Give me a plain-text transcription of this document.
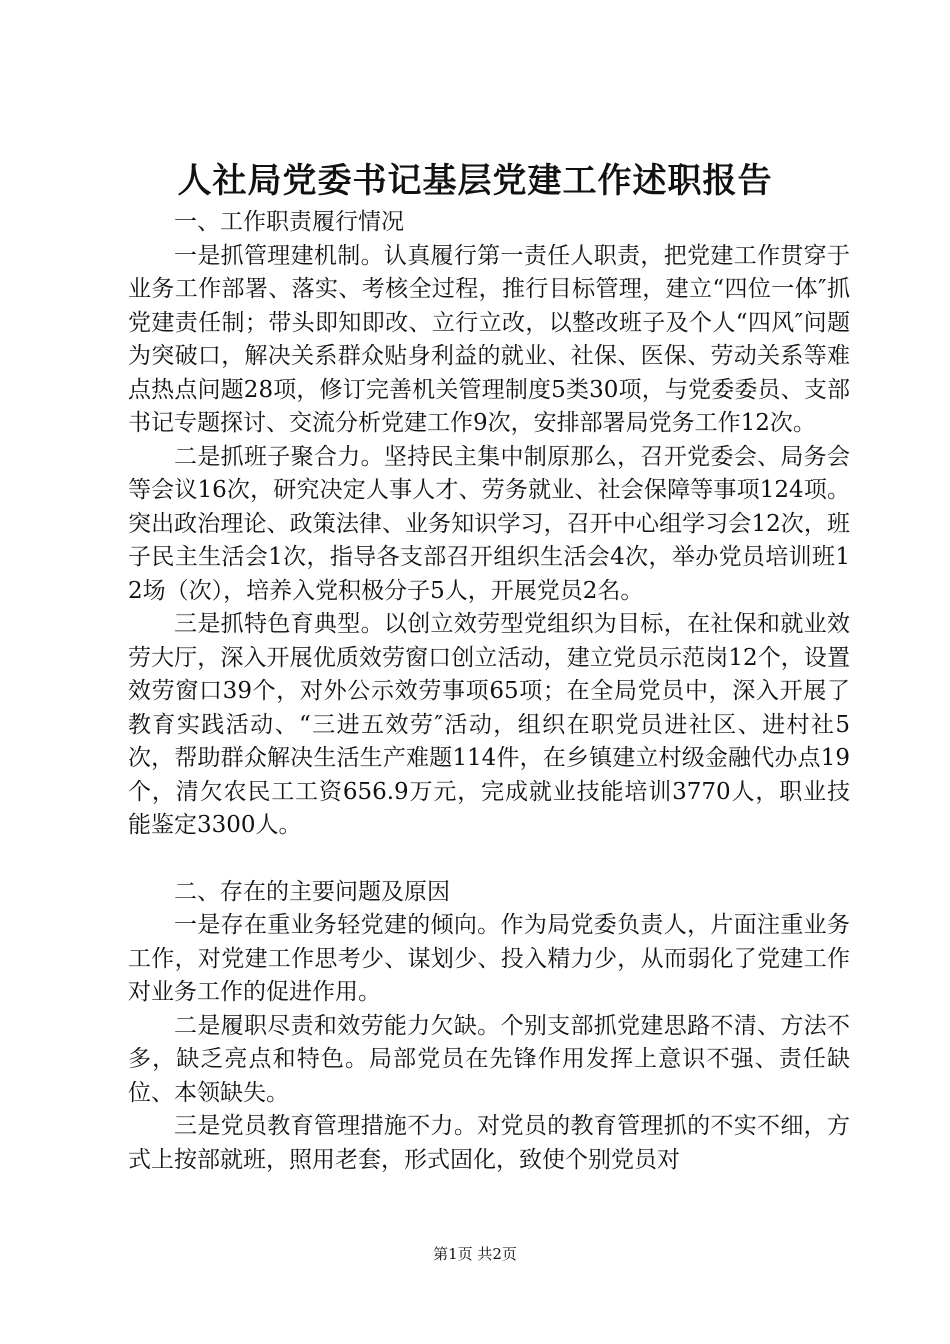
人社局党委书记基层党建工作述职报告

一、工作职责履行情况

一是抓管理建机制。认真履行第一责任人职责，把党建工作贯穿于业务工作部署、落实、考核全过程，推行目标管理，建立“四位一体″抓党建责任制；带头即知即改、立行立改，以整改班子及个人“四风″问题为突破口，解决关系群众贴身利益的就业、社保、医保、劳动关系等难点热点问题28项，修订完善机关管理制度5类30项，与党委委员、支部书记专题探讨、交流分析党建工作9次，安排部署局党务工作12次。

二是抓班子聚合力。坚持民主集中制原那么，召开党委会、局务会等会议16次，研究决定人事人才、劳务就业、社会保障等事项124项。突出政治理论、政策法律、业务知识学习，召开中心组学习会12次，班子民主生活会1次，指导各支部召开组织生活会4次，举办党员培训班12场（次），培养入党积极分子5人，开展党员2名。

三是抓特色育典型。以创立效劳型党组织为目标，在社保和就业效劳大厅，深入开展优质效劳窗口创立活动，建立党员示范岗12个，设置效劳窗口39个，对外公示效劳事项65项；在全局党员中，深入开展了教育实践活动、“三进五效劳″活动，组织在职党员进社区、进村社5次，帮助群众解决生活生产难题114件，在乡镇建立村级金融代办点19个，清欠农民工工资656.9万元，完成就业技能培训3770人，职业技能鉴定3300人。

二、存在的主要问题及原因

一是存在重业务轻党建的倾向。作为局党委负责人，片面注重业务工作，对党建工作思考少、谋划少、投入精力少，从而弱化了党建工作对业务工作的促进作用。

二是履职尽责和效劳能力欠缺。个别支部抓党建思路不清、方法不多，缺乏亮点和特色。局部党员在先锋作用发挥上意识不强、责任缺位、本领缺失。

三是党员教育管理措施不力。对党员的教育管理抓的不实不细，方式上按部就班，照用老套，形式固化，致使个别党员对

第1页 共2页
